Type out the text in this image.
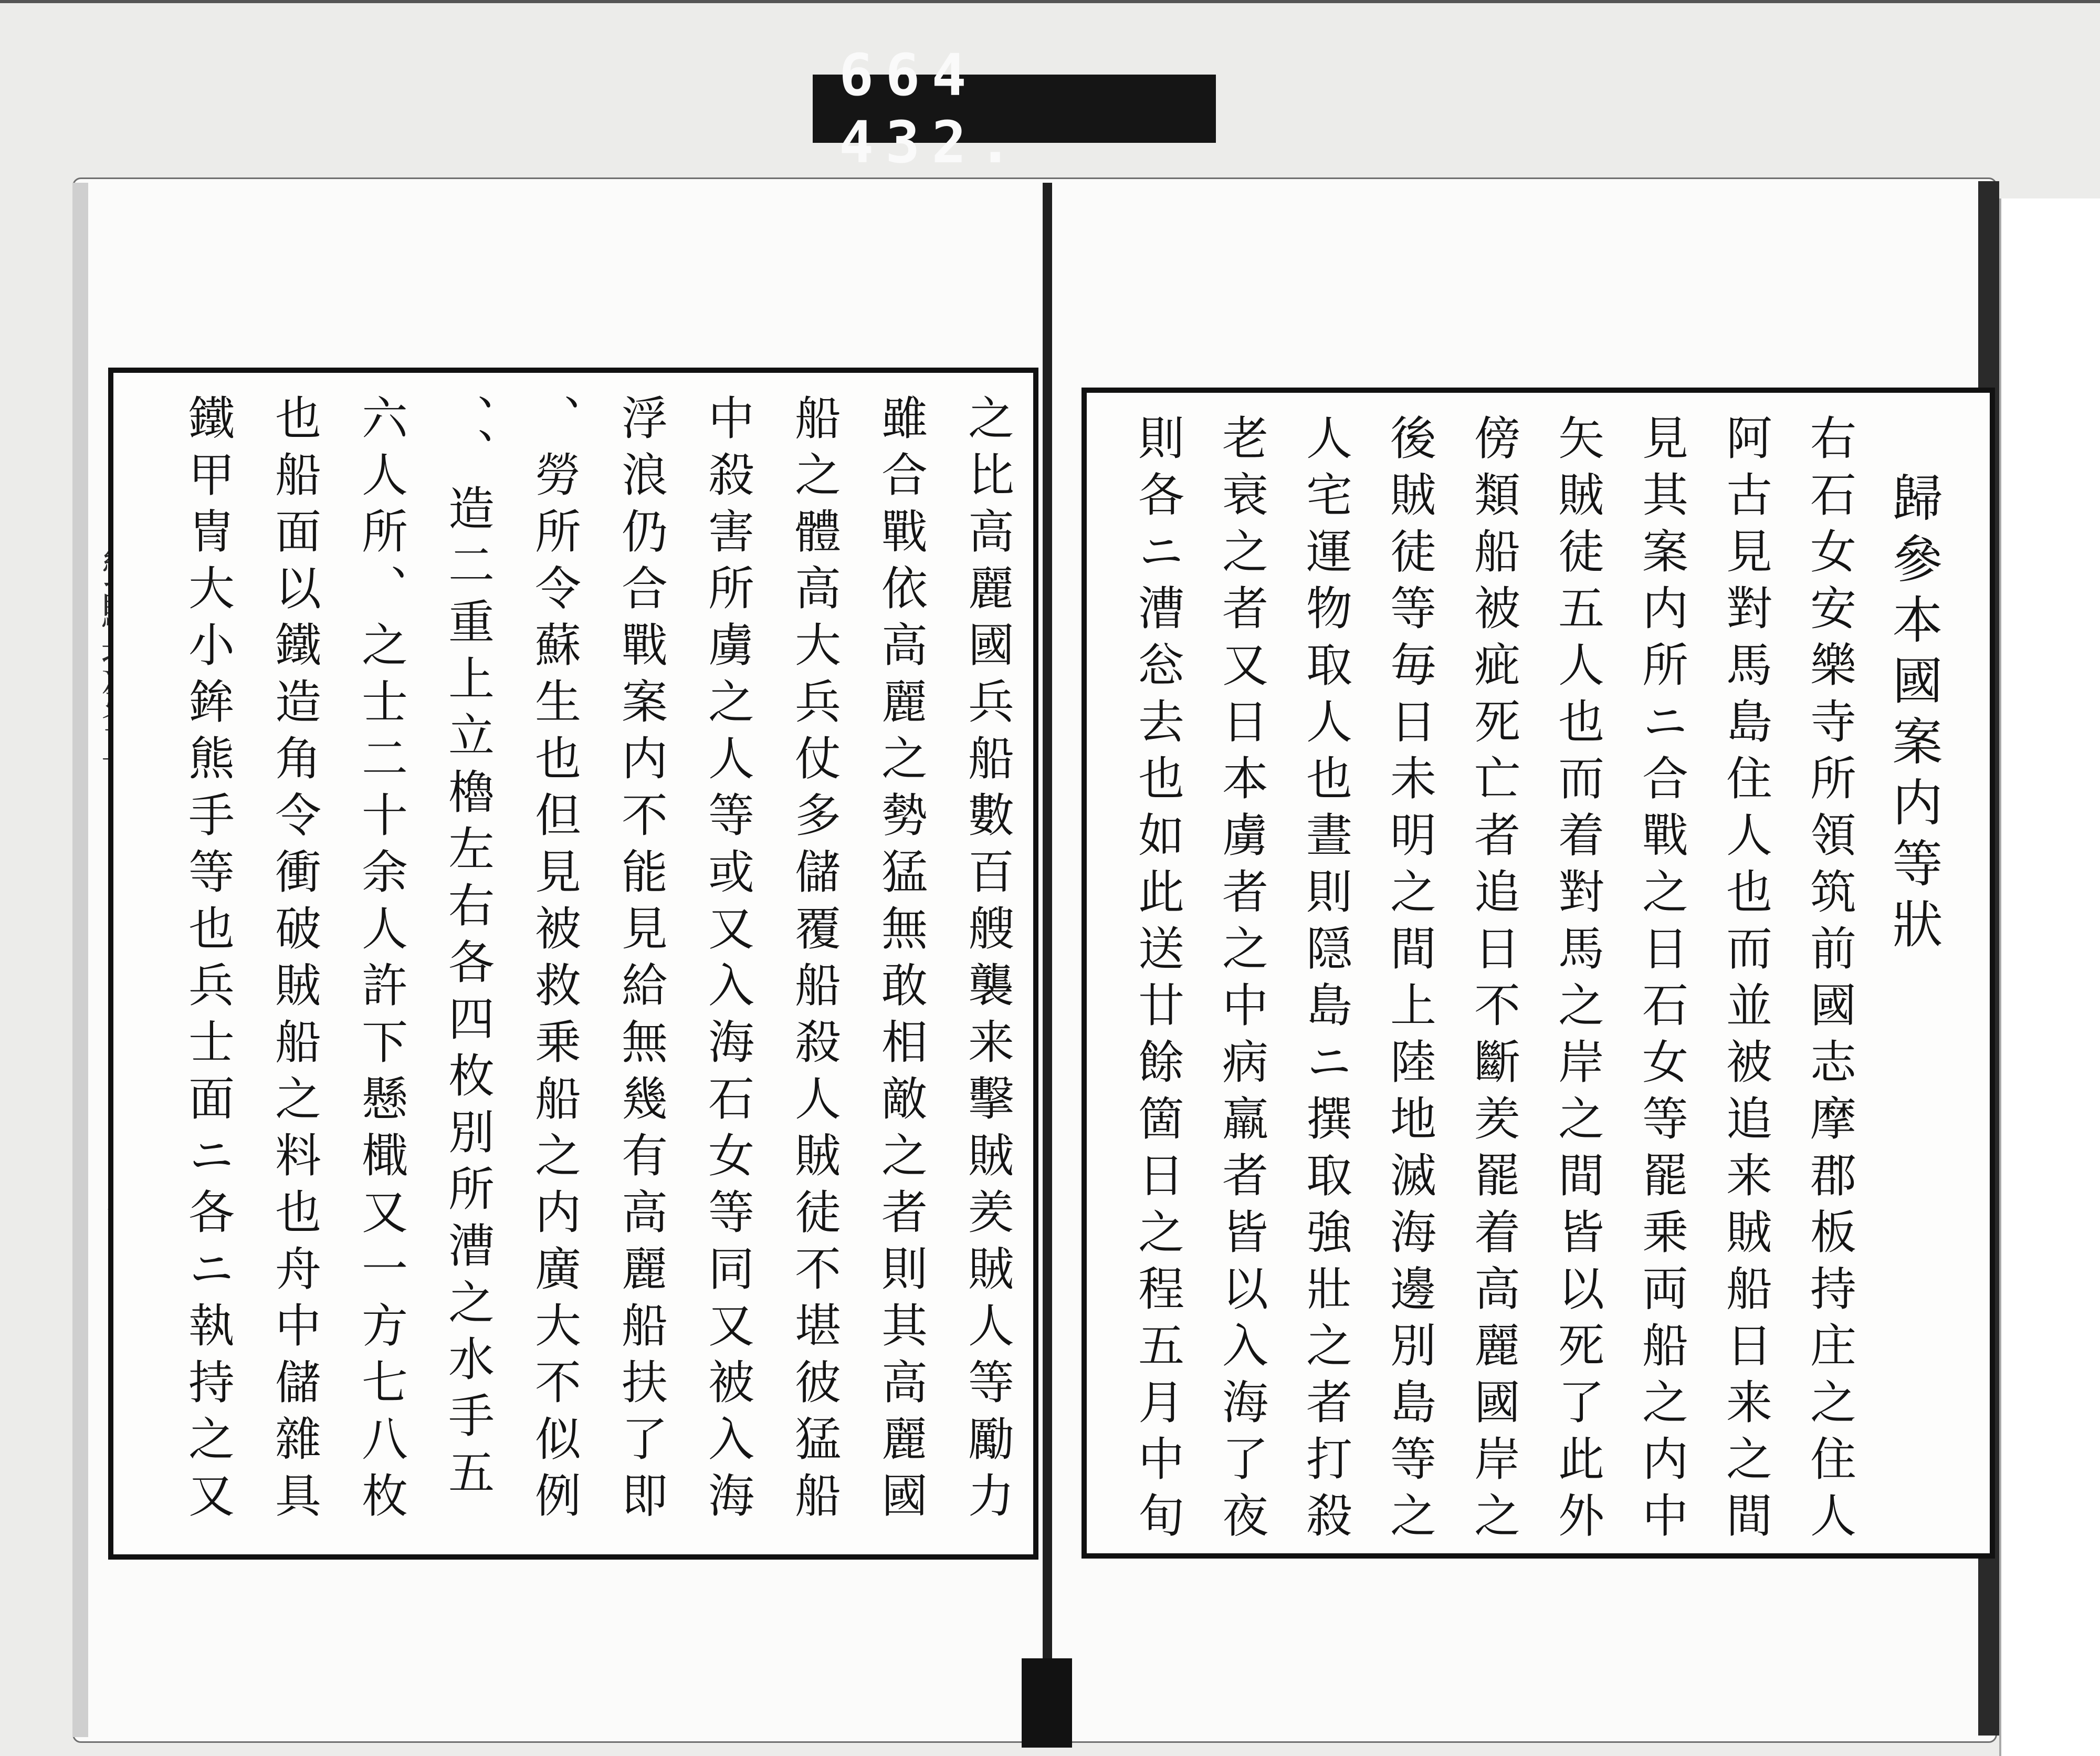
664 432.
之比高麗國兵船數百艘襲来擊賊羑賊人等勵力
雖合戰依高麗之勢猛無敢相敵之者則其高麗國
船之體高大兵仗多儲覆船殺人賊徒不堪彼猛船
中殺害所虜之人等或又入海石女等同又被入海
浮浪仍合戰案内不能見給無幾有高麗船扶了即
、勞所令蘇生也但見被救乗船之内廣大不似例
、、造二重上立櫓左右各四枚別所漕之水手五
六人所、之士二十余人許下懸檝又一方七八枚
也船面以鐵造角令衝破賊船之料也舟中儲雜具
鐵甲冑大小鉾熊手等也兵士面ニ各ニ執持之又	歸參本國案内等狀
右石女安樂寺所領筑前國志摩郡板持庄之住人
阿古見對馬島住人也而並被追来賊船日来之間
見其案内所ニ合戰之日石女等罷乗両船之内中
矢賊徒五人也而着對馬之岸之間皆以死了此外
傍類船被疵死亡者追日不斷羑罷着高麗國岸之
後賊徒等毎日未明之間上陸地滅海邊別島等之
人宅運物取人也晝則隠島ニ撰取強壯之者打殺
老衰之者又日本虜者之中病羸者皆以入海了夜
則各ニ漕忩去也如此送廿餘箇日之程五月中旬
